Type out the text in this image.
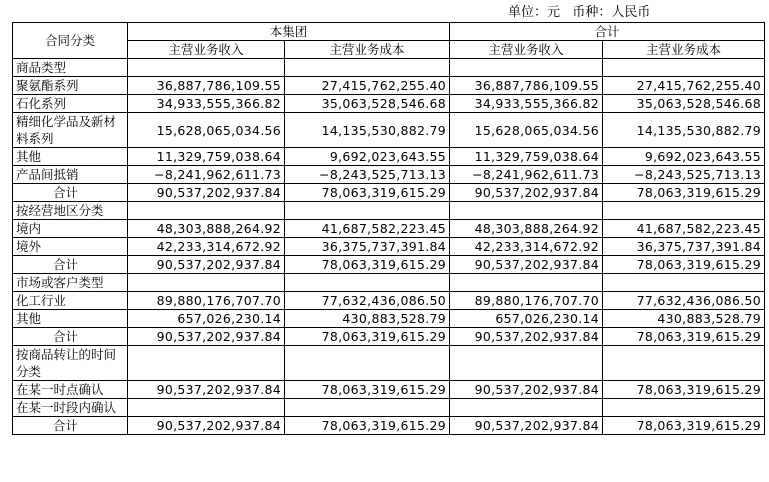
单位：元   币种：人民币
合同分类	本集团		合计	
	主营业务收入	主营业务成本	主营业务收入	主营业务成本
商品类型				
聚氨酯系列	36,887,786,109.55	27,415,762,255.40	36,887,786,109.55	27,415,762,255.40
石化系列	34,933,555,366.82	35,063,528,546.68	34,933,555,366.82	35,063,528,546.68
精细化学品及新材料系列	15,628,065,034.56	14,135,530,882.79	15,628,065,034.56	14,135,530,882.79
其他	11,329,759,038.64	9,692,023,643.55	11,329,759,038.64	9,692,023,643.55
产品间抵销	−8,241,962,611.73	−8,243,525,713.13	−8,241,962,611.73	−8,243,525,713.13
合计	90,537,202,937.84	78,063,319,615.29	90,537,202,937.84	78,063,319,615.29
按经营地区分类				
境内	48,303,888,264.92	41,687,582,223.45	48,303,888,264.92	41,687,582,223.45
境外	42,233,314,672.92	36,375,737,391.84	42,233,314,672.92	36,375,737,391.84
合计	90,537,202,937.84	78,063,319,615.29	90,537,202,937.84	78,063,319,615.29
市场或客户类型				
化工行业	89,880,176,707.70	77,632,436,086.50	89,880,176,707.70	77,632,436,086.50
其他	657,026,230.14	430,883,528.79	657,026,230.14	430,883,528.79
合计	90,537,202,937.84	78,063,319,615.29	90,537,202,937.84	78,063,319,615.29
按商品转让的时间分类				
在某一时点确认	90,537,202,937.84	78,063,319,615.29	90,537,202,937.84	78,063,319,615.29
在某一时段内确认				
合计	90,537,202,937.84	78,063,319,615.29	90,537,202,937.84	78,063,319,615.29
